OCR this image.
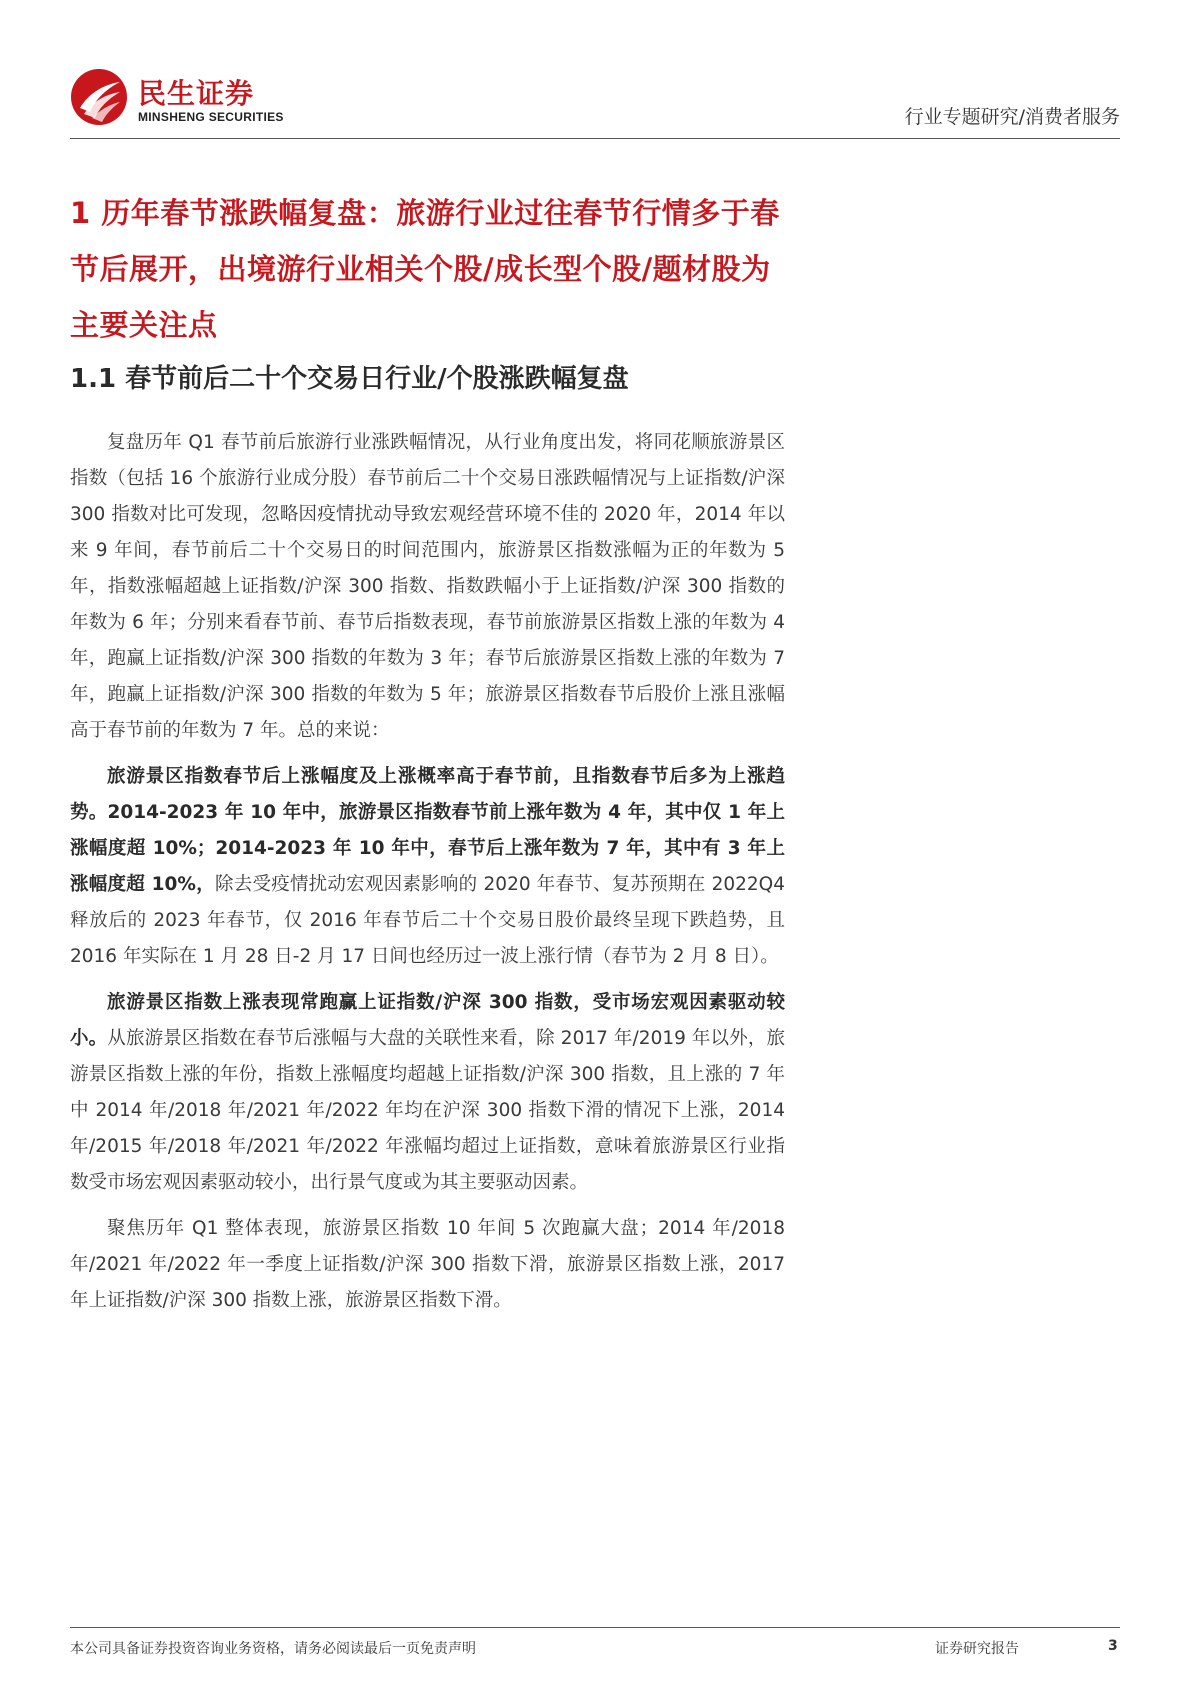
民生证券
MINSHENG SECURITIES	行业专题研究/消费者服务
1 历年春节涨跌幅复盘：旅游行业过往春节行情多于春节后展开，出境游行业相关个股/成长型个股/题材股为主要关注点
1.1 春节前后二十个交易日行业/个股涨跌幅复盘

复盘历年 Q1 春节前后旅游行业涨跌幅情况，从行业角度出发，将同花顺旅游景区指数（包括 16 个旅游行业成分股）春节前后二十个交易日涨跌幅情况与上证指数/沪深 300 指数对比可发现，忽略因疫情扰动导致宏观经营环境不佳的 2020 年，2014 年以来 9 年间，春节前后二十个交易日的时间范围内，旅游景区指数涨幅为正的年数为 5 年，指数涨幅超越上证指数/沪深 300 指数、指数跌幅小于上证指数/沪深 300 指数的年数为 6 年；分别来看春节前、春节后指数表现，春节前旅游景区指数上涨的年数为 4 年，跑赢上证指数/沪深 300 指数的年数为 3 年；春节后旅游景区指数上涨的年数为 7 年，跑赢上证指数/沪深 300 指数的年数为 5 年；旅游景区指数春节后股价上涨且涨幅高于春节前的年数为 7 年。总的来说：

旅游景区指数春节后上涨幅度及上涨概率高于春节前，且指数春节后多为上涨趋势。2014-2023 年 10 年中，旅游景区指数春节前上涨年数为 4 年，其中仅 1 年上涨幅度超 10%；2014-2023 年 10 年中，春节后上涨年数为 7 年，其中有 3 年上涨幅度超 10%，除去受疫情扰动宏观因素影响的 2020 年春节、复苏预期在 2022Q4 释放后的 2023 年春节，仅 2016 年春节后二十个交易日股价最终呈现下跌趋势，且 2016 年实际在 1 月 28 日-2 月 17 日间也经历过一波上涨行情（春节为 2 月 8 日）。

旅游景区指数上涨表现常跑赢上证指数/沪深 300 指数，受市场宏观因素驱动较小。从旅游景区指数在春节后涨幅与大盘的关联性来看，除 2017 年/2019 年以外，旅游景区指数上涨的年份，指数上涨幅度均超越上证指数/沪深 300 指数，且上涨的 7 年中 2014 年/2018 年/2021 年/2022 年均在沪深 300 指数下滑的情况下上涨，2014 年/2015 年/2018 年/2021 年/2022 年涨幅均超过上证指数，意味着旅游景区行业指数受市场宏观因素驱动较小，出行景气度或为其主要驱动因素。

聚焦历年 Q1 整体表现，旅游景区指数 10 年间 5 次跑赢大盘；2014 年/2018 年/2021 年/2022 年一季度上证指数/沪深 300 指数下滑，旅游景区指数上涨，2017 年上证指数/沪深 300 指数上涨，旅游景区指数下滑。

本公司具备证券投资咨询业务资格，请务必阅读最后一页免责声明	证券研究报告	3
